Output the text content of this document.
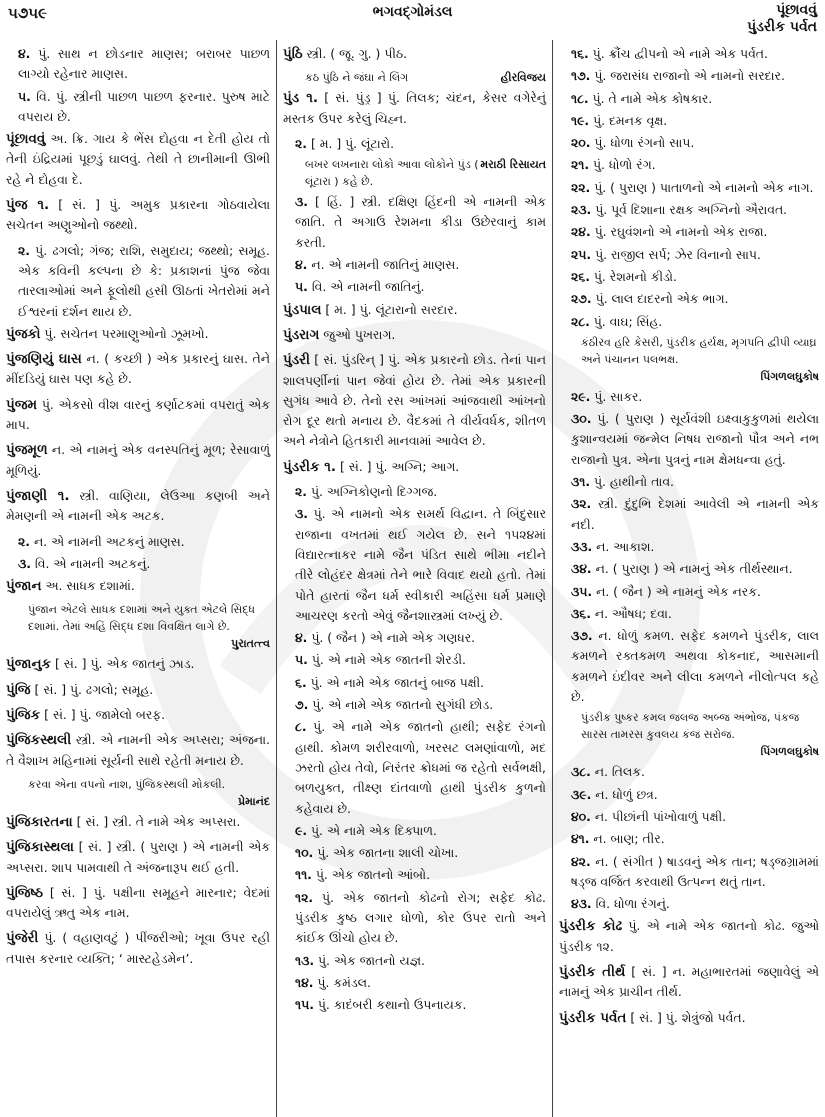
૫૭૫૯	ભગવદ્ગોમંડલ	પૂંછાવવું
પુંડરીક પર્વત
૪. પું. સાથ ન છોડનાર માણસ; બરાબર પાછળ લાગ્યો રહેનાર માણસ.
૫. વિ. પું. સ્ત્રીની પાછળ પાછળ ફરનાર. પુરુષ માટે વપરાય છે.
પૂંછાવવું અ. ક્રિ. ગાય કે ભેંસ દોહવા ન દેતી હોય તો તેની ઇંદ્રિયમાં પૂછડું ઘાલવું. તેથી તે છાનીમાની ઊભી રહે ને દોહવા દે.
પુંજ ૧. [ સં. ] પું. અમુક પ્રકારના ગોઠવાયેલા સચેતન અણુઓનો જથ્થો.
૨. પું. ઢગલો; ગંજ; રાશિ, સમુદાય; જથ્થો; સમૂહ. એક કવિની કલ્પના છે કે: પ્રકાશનાં પુંજ જેવા તારલાઓમાં અને ફૂલોથી હસી ઊઠતાં ખેતરોમાં મને ઈશ્વરનાં દર્શન થાય છે.
પુંજકો પું. સચેતન પરમાણુઓનો ઝૂમખો.
પુંજણિયું ઘાસ ન. ( કચ્છી ) એક પ્રકારનું ઘાસ. તેને મીંદડિયું ઘાસ પણ કહે છે.
પુંજમ પું. એકસો વીશ વારનું કર્ણાટકમાં વપરાતું એક માપ.
પુંજમૂળ ન. એ નામનું એક વનસ્પતિનું મૂળ; રેસાવાળું મૂળિયું.
પુંજાણી ૧. સ્ત્રી. વાણિયા, લેઉઆ કણબી અને મેમણની એ નામની એક અટક.
૨. ન. એ નામની અટકનું માણસ.
૩. વિ. એ નામની અટકનું.
પુંજાન અ. સાધક દશામાં.
પુંજાન એટલે સાધક દશામાં અને યુક્ત એટલે સિદ્ધ દશામાં. તેમાં અહિં સિદ્ધ દશા વિવક્ષિત લાગે છે.
પુરાતત્ત્વ
પુંજાનુક [ સં. ] પું. એક જાતનું ઝાડ.
પુંજિ [ સં. ] પું. ઢગલો; સમૂહ.
પુંજિક [ સં. ] પું. જામેલો બરફ.
પુંજિકસ્થલી સ્ત્રી. એ નામની એક અપ્સરા; અંજના. તે વૈશાખ મહિનામાં સૂર્યની સાથે રહેતી મનાય છે.
કરવા એના વપનો નાશ, પુંજિકસ્થલી મોકલી.
પ્રેમાનંદ
પુંજિકારતના [ સં. ] સ્ત્રી. તે નામે એક અપ્સરા.
પુંજિકાસ્થલા [ સં. ] સ્ત્રી. ( પુરાણ ) એ નામની એક અપ્સરા. શાપ પામવાથી તે અંજનારૂપ થઈ હતી.
પુંજિષ્ઠ [ સં. ] પું. પક્ષીના સમૂહને મારનાર; વેદમાં વપરાયેલું ઋતુ એક નામ.
પુંજેરી પું. ( વહાણવટું ) પીંજરીઓ; ખૂવા ઉપર રહી તપાસ કરનાર વ્યક્તિ; ‘ માસ્ટહેડમેન’.
પુંઠિ સ્ત્રી. ( જૂ. ગુ. ) પીઠ.
હીરવિજય
કઠ પુંઠિ ને જંઘા ને લિંગ
પુંડ ૧. [ સં. પુંડ્ર ] પું. તિલક; ચંદન, કેસર વગેરેનું મસ્તક ઉપર કરેલું ચિહ્ન.
૨. [ મ. ] પું. લૂંટારો.
મરાઠી રિસાયત
બખર લખનારા લોકો આવા લોકોને પુંડ ( લૂંટારા ) કહે છે.
૩. [ હિં. ] સ્ત્રી. દક્ષિણ હિંદની એ નામની એક જાતિ. તે અગાઉ રેશમના કીડા ઉછેરવાનું કામ કરતી.
૪. ન. એ નામની જાતિનું માણસ.
૫. વિ. એ નામની જાતિનું.
પુંડપાલ [ મ. ] પું. લૂંટારાનો સરદાર.
પુંડરાગ જુઓ પુખરાગ.
પુંડરી [ સં. પુંડરિન્ ] પું. એક પ્રકારનો છોડ. તેનાં પાન શાલપર્ણીનાં પાન જેવાં હોય છે. તેમાં એક પ્રકારની સુગંધ આવે છે. તેનો રસ આંખમાં આંજવાથી આંખનો રોગ દૂર થતો મનાય છે. વૈદકમાં તે વીર્યવર્ધક, શીતળ અને નેત્રોને હિતકારી માનવામાં આવેલ છે.
પુંડરીક ૧. [ સં. ] પું. અગ્નિ; આગ.
૨. પું. અગ્નિકોણનો દિગ્ગજ.
૩. પું. એ નામનો એક સમર્થ વિદ્વાન. તે બિંદુસાર રાજાના વખતમાં થઈ ગયેલ છે. સને ૧૫૨૪માં વિદ્યારત્નાકર નામે જૈન પંડિત સાથે ભીમા નદીને તીરે લોહંદર ક્ષેત્રમાં તેને ભારે વિવાદ થયો હતો. તેમાં પોતે હારતાં જૈન ધર્મ સ્વીકારી અહિંસા ધર્મ પ્રમાણે આચરણ કરતો એવું જૈનશાસ્ત્રમાં લખ્યું છે.
૪. પું. ( જૈન ) એ નામે એક ગણધર.
૫. પું. એ નામે એક જાતની શેરડી.
૬. પું. એ નામે એક જાતનું બાજ પક્ષી.
૭. પું. એ નામે એક જાતનો સુગંધી છોડ.
૮. પું. એ નામે એક જાતનો હાથી; સફેદ રંગનો હાથી. કોમળ શરીરવાળો, ખરસટ લમણાંવાળો, મદ ઝરતો હોય તેવો, નિરંતર ક્રોધમાં જ રહેતો સર્વભક્ષી, બળયુક્ત, તીક્ષ્ણ દાંતવાળો હાથી પુંડરીક કુળનો કહેવાય છે.
૯. પું. એ નામે એક દિક્પાળ.
૧૦. પું. એક જાતના શાલી ચોખા.
૧૧. પું. એક જાતનો આંબો.
૧૨. પું. એક જાતનો કોઢનો રોગ; સફેદ કોઢ. પુંડરીક કુષ્ઠ લગાર ધોળો, કોર ઉપર રાતો અને કાંઈક ઊંચો હોય છે.
૧૩. પું. એક જાતનો યજ્ઞ.
૧૪. પું. કમંડલ.
૧૫. પું. કાદંબરી કથાનો ઉપનાયક.
૧૬. પું. ક્રૌંચ દ્વીપનો એ નામે એક પર્વત.
૧૭. પું. જરાસંધ રાજાનો એ નામનો સરદાર.
૧૮. પું. તે નામે એક કોષકાર.
૧૯. પું. દમનક વૃક્ષ.
૨૦. પું. ધોળા રંગનો સાપ.
૨૧. પું. ધોળો રંગ.
૨૨. પું. ( પુરાણ ) પાતાળનો એ નામનો એક નાગ.
૨૩. પું. પૂર્વ દિશાના રક્ષક અગ્નિનો ઐરાવત.
૨૪. પું. રઘુવંશનો એ નામનો એક રાજા.
૨૫. પું. રાજીલ સર્પ; ઝેર વિનાનો સાપ.
૨૬. પું. રેશમનો કીડો.
૨૭. પું. લાલ દાદરનો એક ભાગ.
૨૮. પું. વાઘ; સિંહ.
કંઠીરવ હરિ કેસરી, પુંડરીક હર્યક્ષ, મૃગપતિ દ્વીપી વ્યાઘ્ર અને પંચાનન પલભક્ષ.
પિંગળલઘુકોષ
૨૯. પું. સાકર.
૩૦. પું. ( પુરાણ ) સૂર્યવંશી ઇક્ષ્વાકુકુળમાં થયેલા કુશાન્વયમાં જન્મેલ નિષધ રાજાનો પૌત્ર અને નભ રાજાનો પુત્ર. એના પુત્રનું નામ ક્ષેમધન્વા હતું.
૩૧. પું. હાથીનો તાવ.
૩૨. સ્ત્રી. દુંદુભિ દેશમાં આવેલી એ નામની એક નદી.
૩૩. ન. આકાશ.
૩૪. ન. ( પુરાણ ) એ નામનું એક તીર્થસ્થાન.
૩૫. ન. ( જૈન ) એ નામનું એક નરક.
૩૬. ન. ઔષધ; દવા.
૩૭. ન. ધોળું કમળ. સફેદ કમળને પુંડરીક, લાલ કમળને રક્તકમળ અથવા કોકનાદ, આસમાની કમળને ઇંદીવર અને લીલા કમળને નીલોત્પલ કહે છે.
પુંડરીક પુષ્કર કમલ જલજ અબ્જ અંભોજ, પંકજ સારસ તામરસ કુવલય કંજ સરોજ.
પિંગળલઘુકોષ
૩૮. ન. તિલક.
૩૯. ન. ધોળું છત્ર.
૪૦. ન. પીછાંની પાંખોવાળું પક્ષી.
૪૧. ન. બાણ; તીર.
૪૨. ન. ( સંગીત ) ષાડવનું એક તાન; ષડ્જગ્રામમાં ષડ્જ વર્જિત કરવાથી ઉત્પન્ન થતું તાન.
૪૩. વિ. ધોળા રંગનું.
પુંડરીક કોઢ પું. એ નામે એક જાતનો કોઢ. જુઓ પુંડરીક ૧૨.
પુંડરીક તીર્થ [ સં. ] ન. મહાભારતમાં જણાવેલું એ નામનું એક પ્રાચીન તીર્થ.
પુંડરીક પર્વત [ સં. ] પું. શેત્રુંજો પર્વત.
